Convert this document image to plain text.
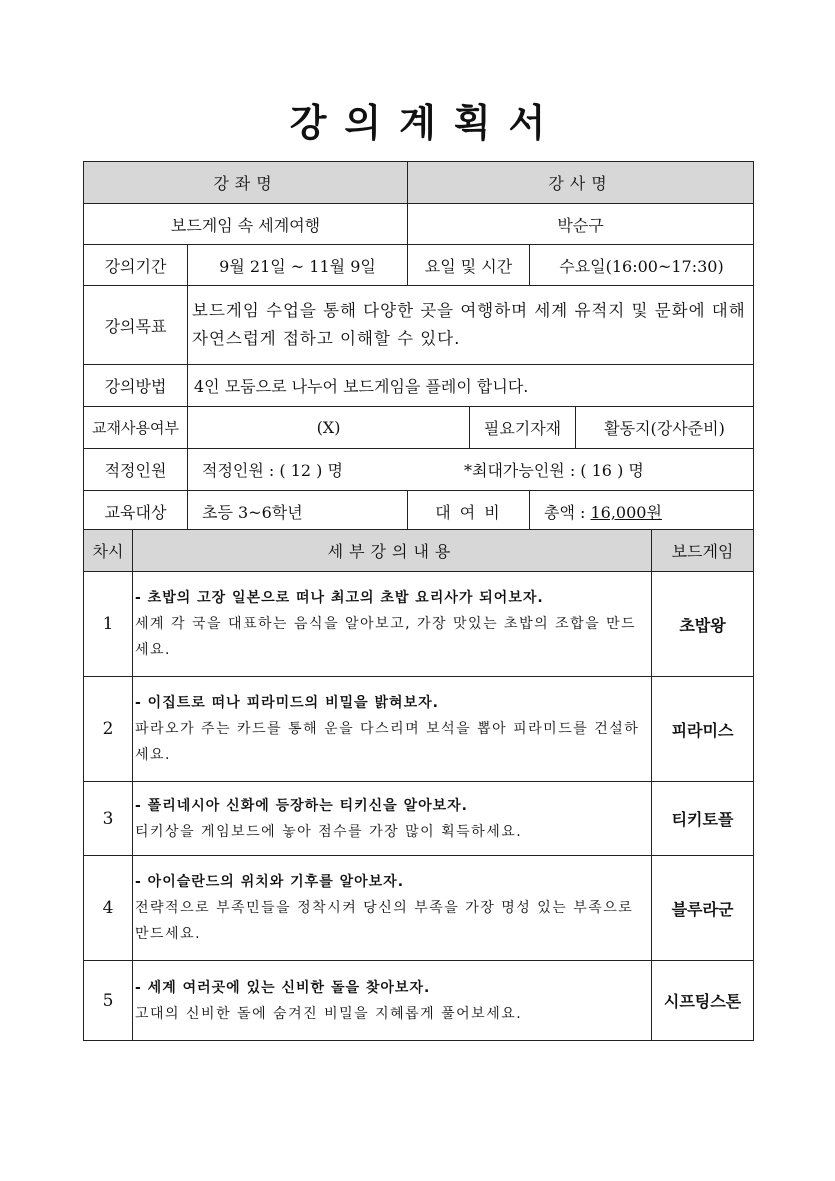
강의계획서
강좌명		강사명			
보드게임 속 세계여행		박순구			
강의기간	9월 21일 ~ 11월 9일	요일 및 시간		수요일(16:00~17:30)	
강의목표	보드게임 수업을 통해 다양한 곳을 여행하며 세계 유적지 및 문화에 대해 자연스럽게 접하고 이해할 수 있다.				
강의방법	4인 모둠으로 나누어 보드게임을 플레이 합니다.				
교재사용여부	(X)		필요기자재		활동지(강사준비)
적정인원	적정인원 : ( 12 ) 명 *최대가능인원 : ( 16 ) 명				
교육대상	초등 3~6학년	대 여 비		총액 : 16,000원	
차시	세부강의내용	보드게임
1	- 초밥의 고장 일본으로 떠나 최고의 초밥 요리사가 되어보자.
세계 각 국을 대표하는 음식을 알아보고, 가장 맛있는 초밥의 조합을 만드세요.	초밥왕
2	- 이집트로 떠나 피라미드의 비밀을 밝혀보자.
파라오가 주는 카드를 통해 운을 다스리며 보석을 뽑아 피라미드를 건설하세요.	피라미스
3	- 폴리네시아 신화에 등장하는 티키신을 알아보자.
티키상을 게임보드에 놓아 점수를 가장 많이 획득하세요.	티키토플
4	- 아이슬란드의 위치와 기후를 알아보자.
전략적으로 부족민들을 정착시켜 당신의 부족을 가장 명성 있는 부족으로 만드세요.	블루라군
5	- 세계 여러곳에 있는 신비한 돌을 찾아보자.
고대의 신비한 돌에 숨겨진 비밀을 지혜롭게 풀어보세요.	시프팅스톤
